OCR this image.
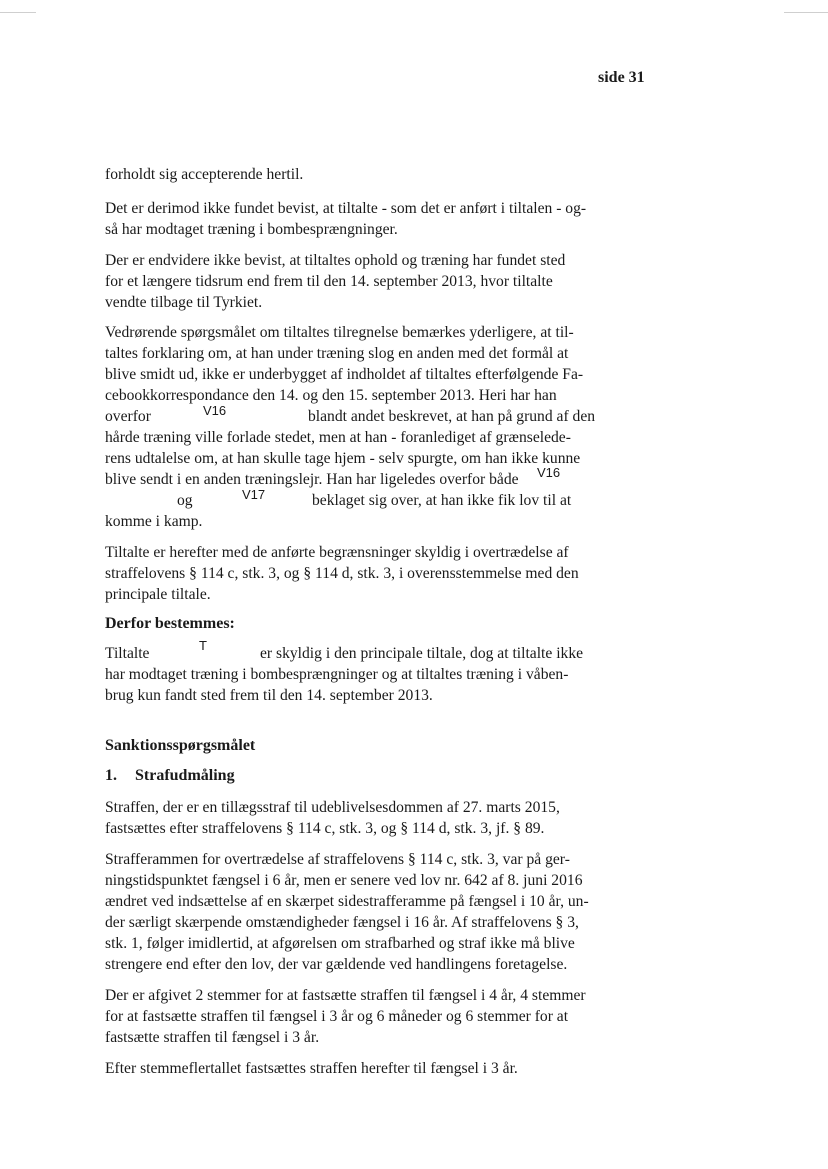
side 31
forholdt sig accepterende hertil.
Det er derimod ikke fundet bevist, at tiltalte - som det er anført i tiltalen - og-
så har modtaget træning i bombesprængninger.
Der er endvidere ikke bevist, at tiltaltes ophold og træning har fundet sted
for et længere tidsrum end frem til den 14. september 2013, hvor tiltalte
vendte tilbage til Tyrkiet.
Vedrørende spørgsmålet om tiltaltes tilregnelse bemærkes yderligere, at til-
taltes forklaring om, at han under træning slog en anden med det formål at
blive smidt ud, ikke er underbygget af indholdet af tiltaltes efterfølgende Fa-
cebookkorrespondance den 14. og den 15. september 2013. Heri har han
overfor	V16	blandt andet beskrevet, at han på grund af den
hårde træning ville forlade stedet, men at han - foranlediget af grænselede-
rens udtalelse om, at han skulle tage hjem - selv spurgte, om han ikke kunne
blive sendt i en anden træningslejr. Han har ligeledes overfor både V16
og	V17	beklaget sig over, at han ikke fik lov til at
komme i kamp.
Tiltalte er herefter med de anførte begrænsninger skyldig i overtrædelse af
straffelovens § 114 c, stk. 3, og § 114 d, stk. 3, i overensstemmelse med den
principale tiltale.
Derfor bestemmes:
Tiltalte	T	er skyldig i den principale tiltale, dog at tiltalte ikke
har modtaget træning i bombesprængninger og at tiltaltes træning i våben-
brug kun fandt sted frem til den 14. september 2013.
Sanktionsspørgsmålet
1. Strafudmåling
Straffen, der er en tillægsstraf til udeblivelsesdommen af 27. marts 2015,
fastsættes efter straffelovens § 114 c, stk. 3, og § 114 d, stk. 3, jf. § 89.
Strafferammen for overtrædelse af straffelovens § 114 c, stk. 3, var på ger-
ningstidspunktet fængsel i 6 år, men er senere ved lov nr. 642 af 8. juni 2016
ændret ved indsættelse af en skærpet sidestrafferamme på fængsel i 10 år, un-
der særligt skærpende omstændigheder fængsel i 16 år. Af straffelovens § 3,
stk. 1, følger imidlertid, at afgørelsen om strafbarhed og straf ikke må blive
strengere end efter den lov, der var gældende ved handlingens foretagelse.
Der er afgivet 2 stemmer for at fastsætte straffen til fængsel i 4 år, 4 stemmer
for at fastsætte straffen til fængsel i 3 år og 6 måneder og 6 stemmer for at
fastsætte straffen til fængsel i 3 år.
Efter stemmeflertallet fastsættes straffen herefter til fængsel i 3 år.
